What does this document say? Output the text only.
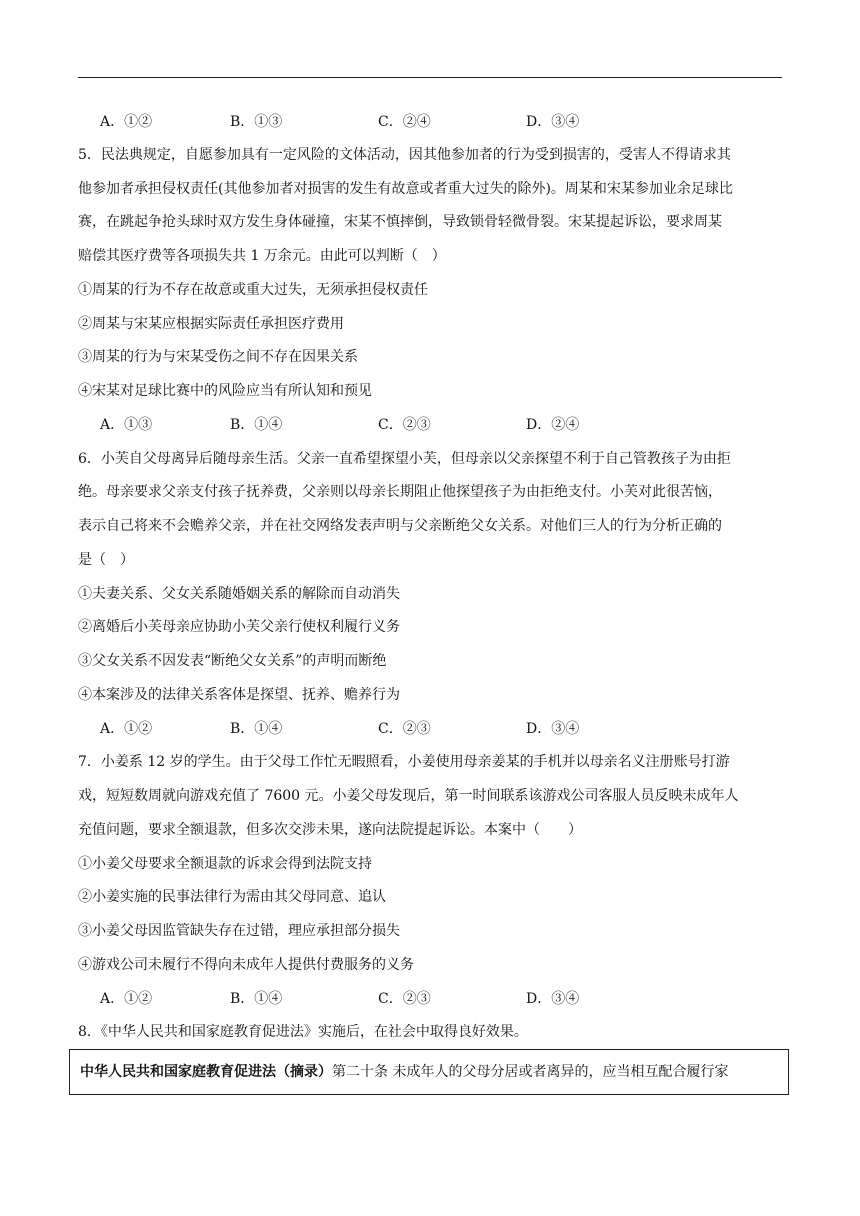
A．①②	B．①③	C．②④	D．③④
5．民法典规定，自愿参加具有一定风险的文体活动，因其他参加者的行为受到损害的，受害人不得请求其
他参加者承担侵权责任(其他参加者对损害的发生有故意或者重大过失的除外)。周某和宋某参加业余足球比
赛，在跳起争抢头球时双方发生身体碰撞，宋某不慎摔倒，导致锁骨轻微骨裂。宋某提起诉讼，要求周某
赔偿其医疗费等各项损失共 1 万余元。由此可以判断（　）
①周某的行为不存在故意或重大过失，无须承担侵权责任
②周某与宋某应根据实际责任承担医疗费用
③周某的行为与宋某受伤之间不存在因果关系
④宋某对足球比赛中的风险应当有所认知和预见
A．①③	B．①④	C．②③	D．②④
6．小芙自父母离异后随母亲生活。父亲一直希望探望小芙，但母亲以父亲探望不利于自己管教孩子为由拒
绝。母亲要求父亲支付孩子抚养费，父亲则以母亲长期阻止他探望孩子为由拒绝支付。小芙对此很苦恼，
表示自己将来不会赡养父亲，并在社交网络发表声明与父亲断绝父女关系。对他们三人的行为分析正确的
是（　）
①夫妻关系、父女关系随婚姻关系的解除而自动消失
②离婚后小芙母亲应协助小芙父亲行使权利履行义务
③父女关系不因发表“断绝父女关系”的声明而断绝
④本案涉及的法律关系客体是探望、抚养、赡养行为
A．①②	B．①④	C．②③	D．③④
7．小姜系 12 岁的学生。由于父母工作忙无暇照看，小姜使用母亲姜某的手机并以母亲名义注册账号打游
戏，短短数周就向游戏充值了 7600 元。小姜父母发现后，第一时间联系该游戏公司客服人员反映未成年人
充值问题，要求全额退款，但多次交涉未果，遂向法院提起诉讼。本案中（　　）
①小姜父母要求全额退款的诉求会得到法院支持
②小姜实施的民事法律行为需由其父母同意、追认
③小姜父母因监管缺失存在过错，理应承担部分损失
④游戏公司未履行不得向未成年人提供付费服务的义务
A．①②	B．①④	C．②③	D．③④
8．《中华人民共和国家庭教育促进法》实施后，在社会中取得良好效果。
中华人民共和国家庭教育促进法（摘录）第二十条 未成年人的父母分居或者离异的，应当相互配合履行家
